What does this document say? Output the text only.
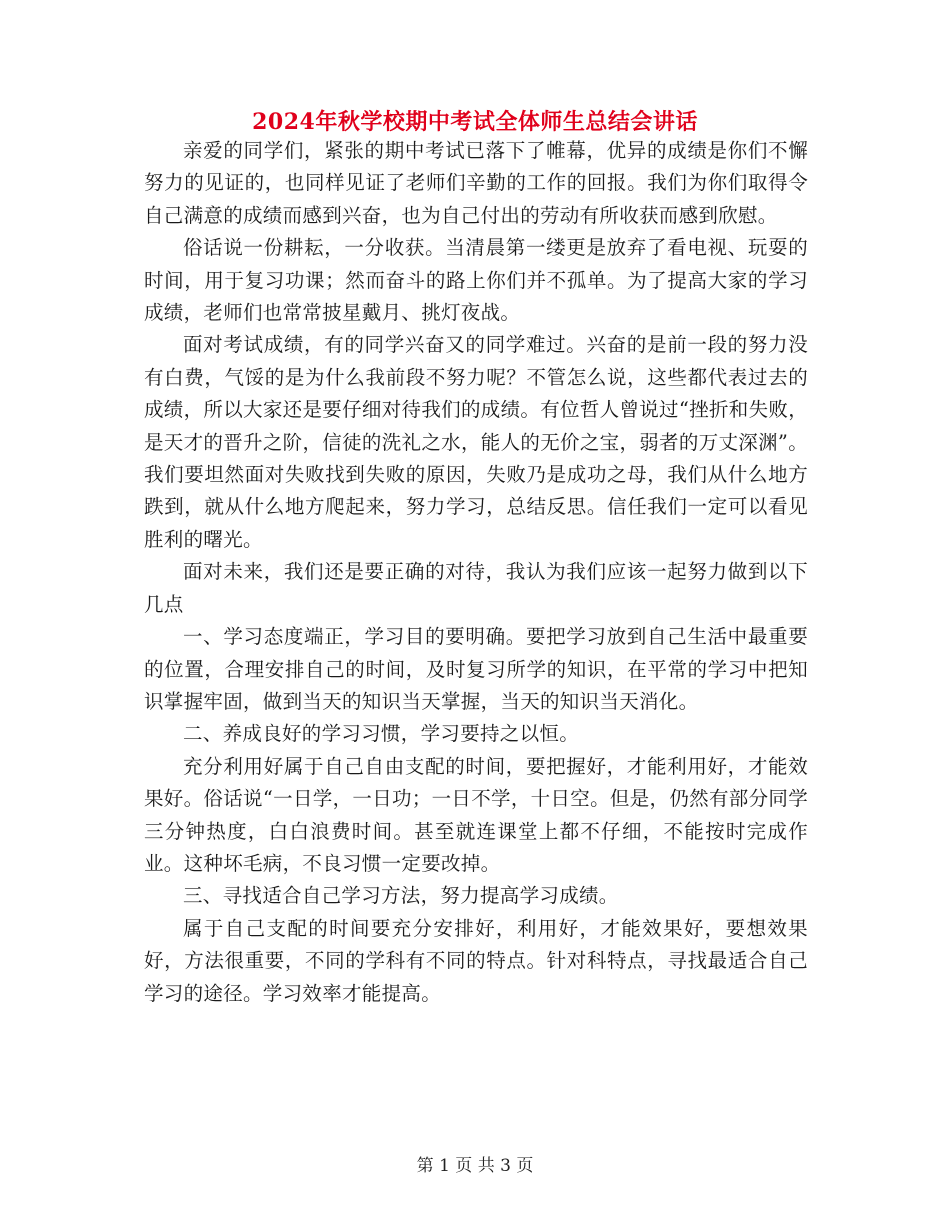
2024年秋学校期中考试全体师生总结会讲话

亲爱的同学们，紧张的期中考试已落下了帷幕，优异的成绩是你们不懈努力的见证的，也同样见证了老师们辛勤的工作的回报。我们为你们取得令自己满意的成绩而感到兴奋，也为自己付出的劳动有所收获而感到欣慰。

俗话说一份耕耘，一分收获。当清晨第一缕更是放弃了看电视、玩耍的时间，用于复习功课；然而奋斗的路上你们并不孤单。为了提高大家的学习成绩，老师们也常常披星戴月、挑灯夜战。

面对考试成绩，有的同学兴奋又的同学难过。兴奋的是前一段的努力没有白费，气馁的是为什么我前段不努力呢？不管怎么说，这些都代表过去的成绩，所以大家还是要仔细对待我们的成绩。有位哲人曾说过“挫折和失败，是天才的晋升之阶，信徒的洗礼之水，能人的无价之宝，弱者的万丈深渊”。我们要坦然面对失败找到失败的原因，失败乃是成功之母，我们从什么地方跌到，就从什么地方爬起来，努力学习，总结反思。信任我们一定可以看见胜利的曙光。

面对未来，我们还是要正确的对待，我认为我们应该一起努力做到以下几点

一、学习态度端正，学习目的要明确。要把学习放到自己生活中最重要的位置，合理安排自己的时间，及时复习所学的知识，在平常的学习中把知识掌握牢固，做到当天的知识当天掌握，当天的知识当天消化。

二、养成良好的学习习惯，学习要持之以恒。

充分利用好属于自己自由支配的时间，要把握好，才能利用好，才能效果好。俗话说“一日学，一日功；一日不学，十日空。但是，仍然有部分同学三分钟热度，白白浪费时间。甚至就连课堂上都不仔细，不能按时完成作业。这种坏毛病，不良习惯一定要改掉。

三、寻找适合自己学习方法，努力提高学习成绩。

属于自己支配的时间要充分安排好，利用好，才能效果好，要想效果好，方法很重要，不同的学科有不同的特点。针对科特点，寻找最适合自己学习的途径。学习效率才能提高。

第 1 页 共 3 页
